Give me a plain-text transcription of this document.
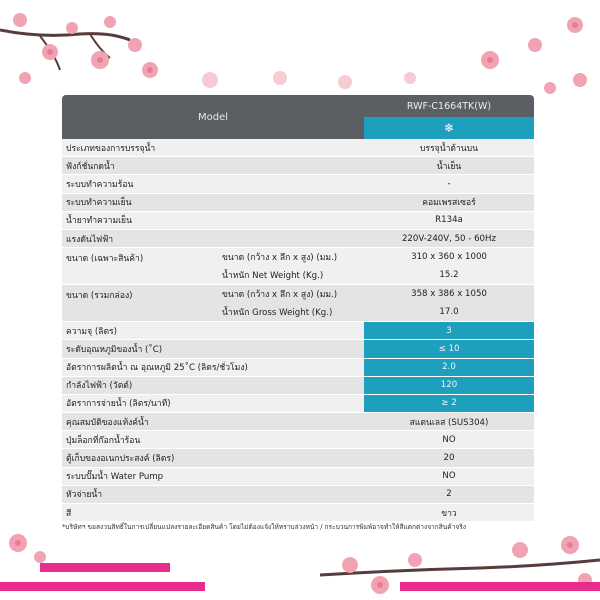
Model
RWF-C1664TK(W)
❄
ประเภทของการบรรจุน้ำ	บรรจุน้ำด้านบน
ฟังก์ชั่นกดน้ำ	น้ำเย็น
ระบบทำความร้อน	-
ระบบทำความเย็น	คอมเพรสเซอร์
น้ำยาทำความเย็น	R134a
แรงดันไฟฟ้า	220V-240V, 50 - 60Hz
ขนาด (เฉพาะสินค้า)	ขนาด (กว้าง x ลึก x สูง) (มม.)	310 x 360 x 1000
น้ำหนัก Net Weight (Kg.)	15.2
ขนาด (รวมกล่อง)	ขนาด (กว้าง x ลึก x สูง) (มม.)	358 x 386 x 1050
น้ำหนัก Gross Weight (Kg.)	17.0
ความจุ (ลิตร)	3
ระดับอุณหภูมิของน้ำ (˚C)	≤ 10
อัตราการผลิตน้ำ ณ อุณหภูมิ 25˚C (ลิตร/ชั่วโมง)	2.0
กำลังไฟฟ้า (วัตต์)	120
อัตราการจ่ายน้ำ (ลิตร/นาที)	≥ 2
คุณสมบัติของแท้งค์น้ำ	สแตนเลส (SUS304)
ปุ่มล็อกที่ก๊อกน้ำร้อน	NO
ตู้เก็บของอเนกประสงค์ (ลิตร)	20
ระบบปั๊มน้ำ Water Pump	NO
หัวจ่ายน้ำ	2
สี	ขาว
*บริษัทฯ ขอสงวนสิทธิ์ในการเปลี่ยนแปลงรายละเอียดสินค้า โดยไม่ต้องแจ้งให้ทราบล่วงหน้า / กระบวนการพิมพ์อาจทำให้สีแตกต่างจากสินค้าจริง
